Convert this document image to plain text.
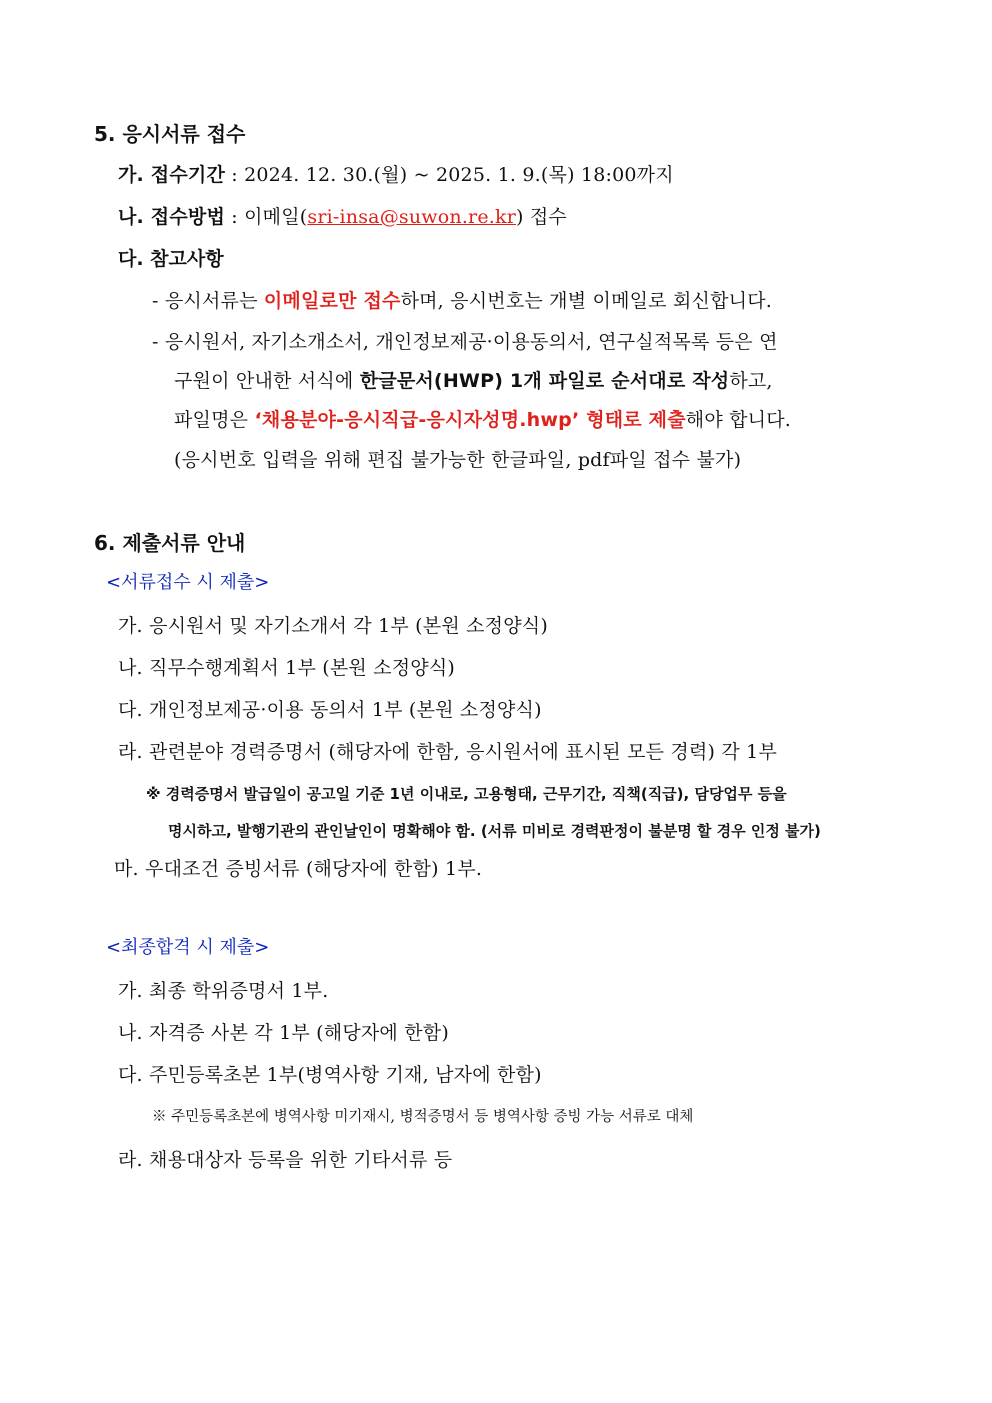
5. 응시서류 접수
가. 접수기간 : 2024. 12. 30.(월) ~ 2025. 1. 9.(목) 18:00까지
나. 접수방법 : 이메일(sri-insa@suwon.re.kr) 접수
다. 참고사항
- 응시서류는 이메일로만 접수하며, 응시번호는 개별 이메일로 회신합니다.
- 응시원서, 자기소개소서, 개인정보제공·이용동의서, 연구실적목록 등은 연
구원이 안내한 서식에 한글문서(HWP) 1개 파일로 순서대로 작성하고,
파일명은 ‘채용분야-응시직급-응시자성명.hwp’ 형태로 제출해야 합니다.
(응시번호 입력을 위해 편집 불가능한 한글파일, pdf파일 접수 불가)
6. 제출서류 안내
<서류접수 시 제출>
가. 응시원서 및 자기소개서 각 1부 (본원 소정양식)
나. 직무수행계획서 1부 (본원 소정양식)
다. 개인정보제공·이용 동의서 1부 (본원 소정양식)
라. 관련분야 경력증명서 (해당자에 한함, 응시원서에 표시된 모든 경력) 각 1부
※ 경력증명서 발급일이 공고일 기준 1년 이내로, 고용형태, 근무기간, 직책(직급), 담당업무 등을
명시하고, 발행기관의 관인날인이 명확해야 함. (서류 미비로 경력판정이 불분명 할 경우 인정 불가)
마. 우대조건 증빙서류 (해당자에 한함) 1부.
<최종합격 시 제출>
가. 최종 학위증명서 1부.
나. 자격증 사본 각 1부 (해당자에 한함)
다. 주민등록초본 1부(병역사항 기재, 남자에 한함)
※ 주민등록초본에 병역사항 미기재시, 병적증명서 등 병역사항 증빙 가능 서류로 대체
라. 채용대상자 등록을 위한 기타서류 등
